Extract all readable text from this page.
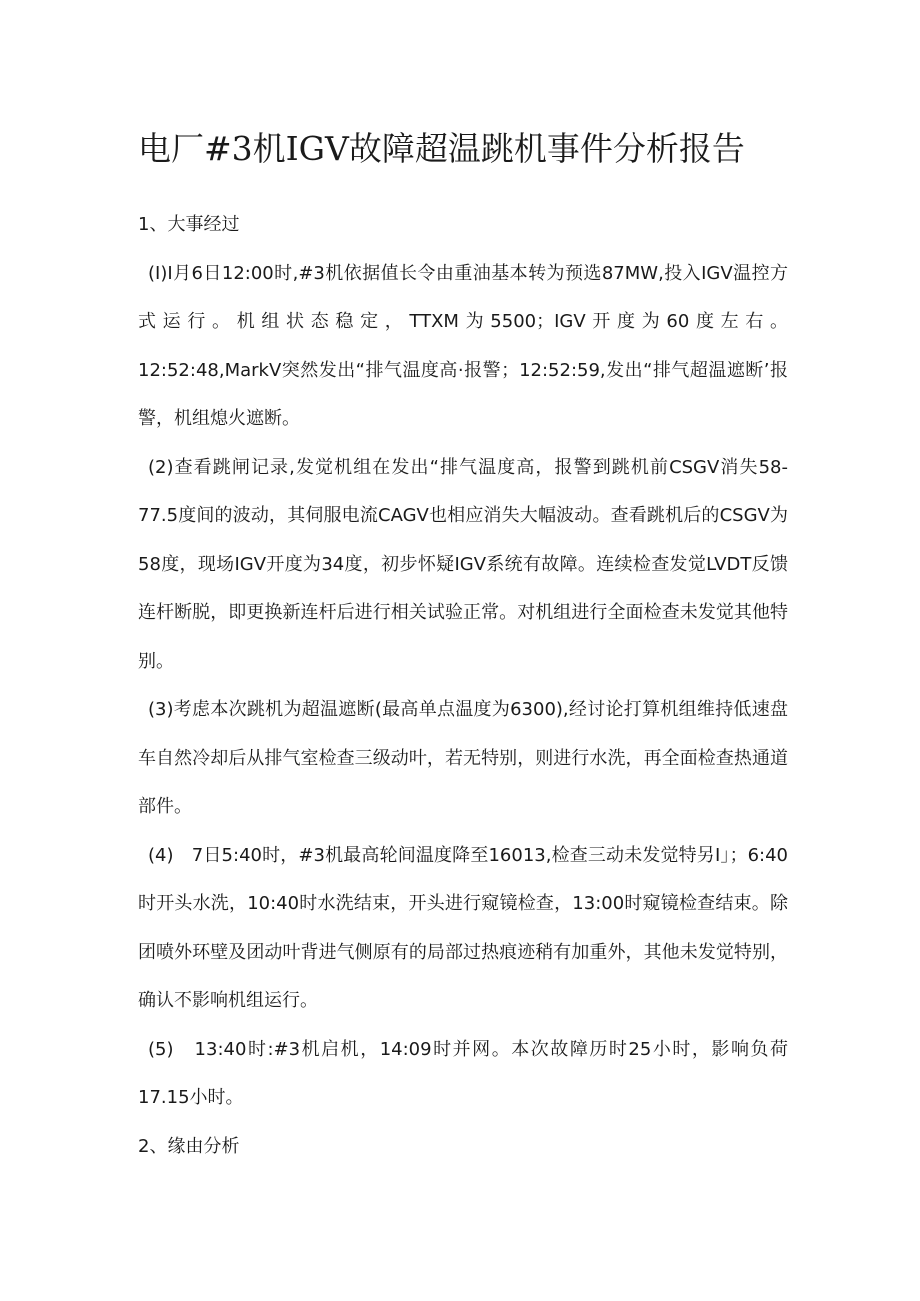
电厂#3机IGV故障超温跳机事件分析报告

1、大事经过

(I)I月6日12:00时,#3机依据值长令由重油基本转为预选87MW,投入IGV温控方式运行。机组状态稳定，TTXM为5500；IGV开度为60度左右。12:52:48,MarkV突然发出“排气温度高·报警；12:52:59,发出“排气超温遮断’报警，机组熄火遮断。

(2)查看跳闸记录,发觉机组在发出“排气温度高，报警到跳机前CSGV消失58-77.5度间的波动，其伺服电流CAGV也相应消失大幅波动。查看跳机后的CSGV为58度，现场IGV开度为34度，初步怀疑IGV系统有故障。连续检查发觉LVDT反馈连杆断脱，即更换新连杆后进行相关试验正常。对机组进行全面检查未发觉其他特别。

(3)考虑本次跳机为超温遮断(最高单点温度为6300),经讨论打算机组维持低速盘车自然冷却后从排气室检查三级动叶，若无特别，则进行水洗，再全面检查热通道部件。

(4)　7日5:40时，#3机最高轮间温度降至16013,检查三动未发觉特另I」；6:40时开头水洗，10:40时水洗结束，开头进行窥镜检查，13:00时窥镜检查结束。除团喷外环壁及团动叶背进气侧原有的局部过热痕迹稍有加重外，其他未发觉特别，确认不影响机组运行。

(5)　13:40时:#3机启机，14:09时并网。本次故障历时25小时，影响负荷17.15小时。

2、缘由分析
